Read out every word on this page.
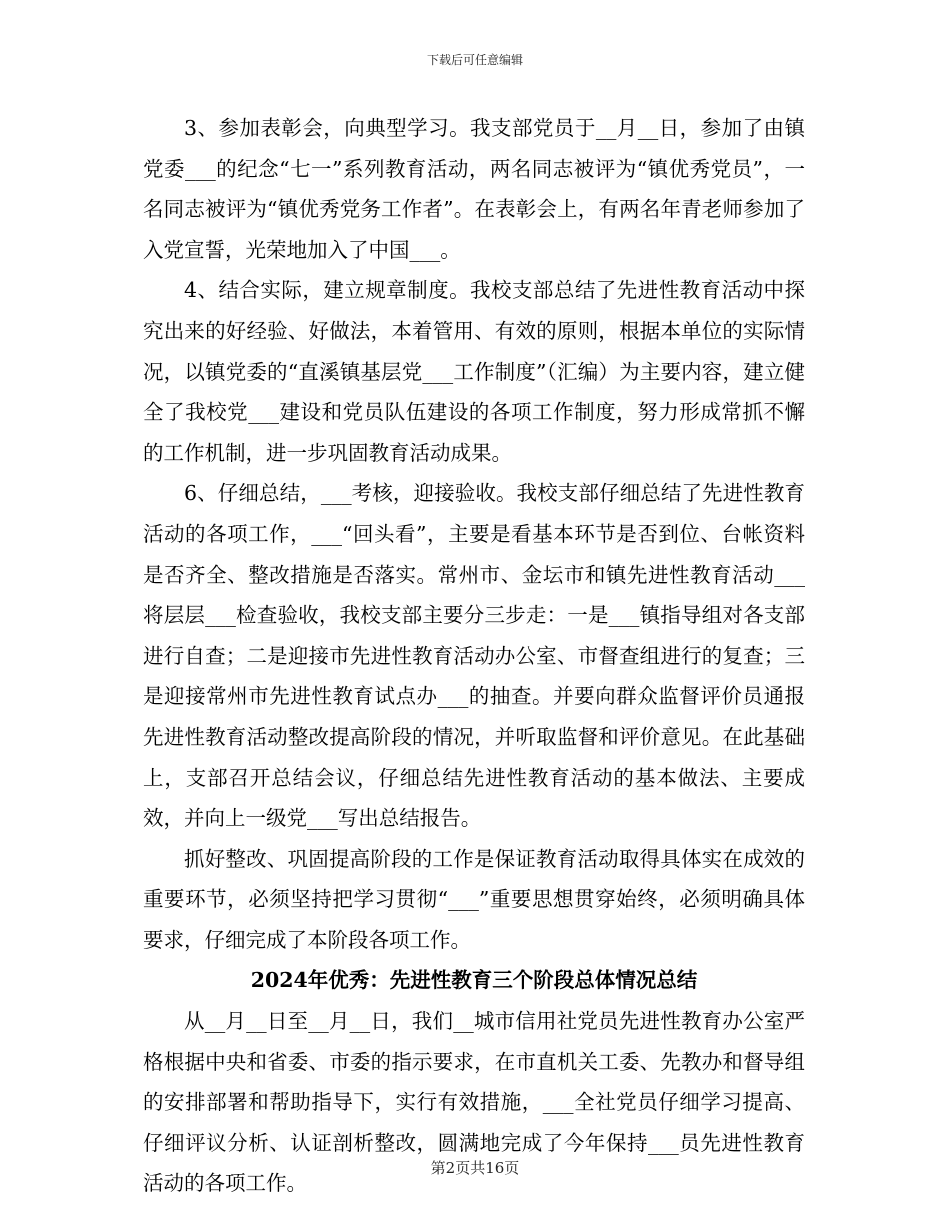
下载后可任意编辑

3、参加表彰会，向典型学习。我支部党员于__月__日，参加了由镇党委___的纪念“七一”系列教育活动，两名同志被评为“镇优秀党员”，一名同志被评为“镇优秀党务工作者”。在表彰会上，有两名年青老师参加了入党宣誓，光荣地加入了中国___。

4、结合实际，建立规章制度。我校支部总结了先进性教育活动中探究出来的好经验、好做法，本着管用、有效的原则，根据本单位的实际情况，以镇党委的“直溪镇基层党___工作制度”（汇编）为主要内容，建立健全了我校党___建设和党员队伍建设的各项工作制度，努力形成常抓不懈的工作机制，进一步巩固教育活动成果。

6、仔细总结，___考核，迎接验收。我校支部仔细总结了先进性教育活动的各项工作，___“回头看”，主要是看基本环节是否到位、台帐资料是否齐全、整改措施是否落实。常州市、金坛市和镇先进性教育活动___将层层___检查验收，我校支部主要分三步走：一是___镇指导组对各支部进行自查；二是迎接市先进性教育活动办公室、市督查组进行的复查；三是迎接常州市先进性教育试点办___的抽查。并要向群众监督评价员通报先进性教育活动整改提高阶段的情况，并听取监督和评价意见。在此基础上，支部召开总结会议，仔细总结先进性教育活动的基本做法、主要成效，并向上一级党___写出总结报告。

抓好整改、巩固提高阶段的工作是保证教育活动取得具体实在成效的重要环节，必须坚持把学习贯彻“___”重要思想贯穿始终，必须明确具体要求，仔细完成了本阶段各项工作。

2024年优秀：先进性教育三个阶段总体情况总结

从__月__日至__月__日，我们__城市信用社党员先进性教育办公室严格根据中央和省委、市委的指示要求，在市直机关工委、先教办和督导组的安排部署和帮助指导下，实行有效措施，___全社党员仔细学习提高、仔细评议分析、认证剖析整改，圆满地完成了今年保持___员先进性教育活动的各项工作。

第2页共16页
